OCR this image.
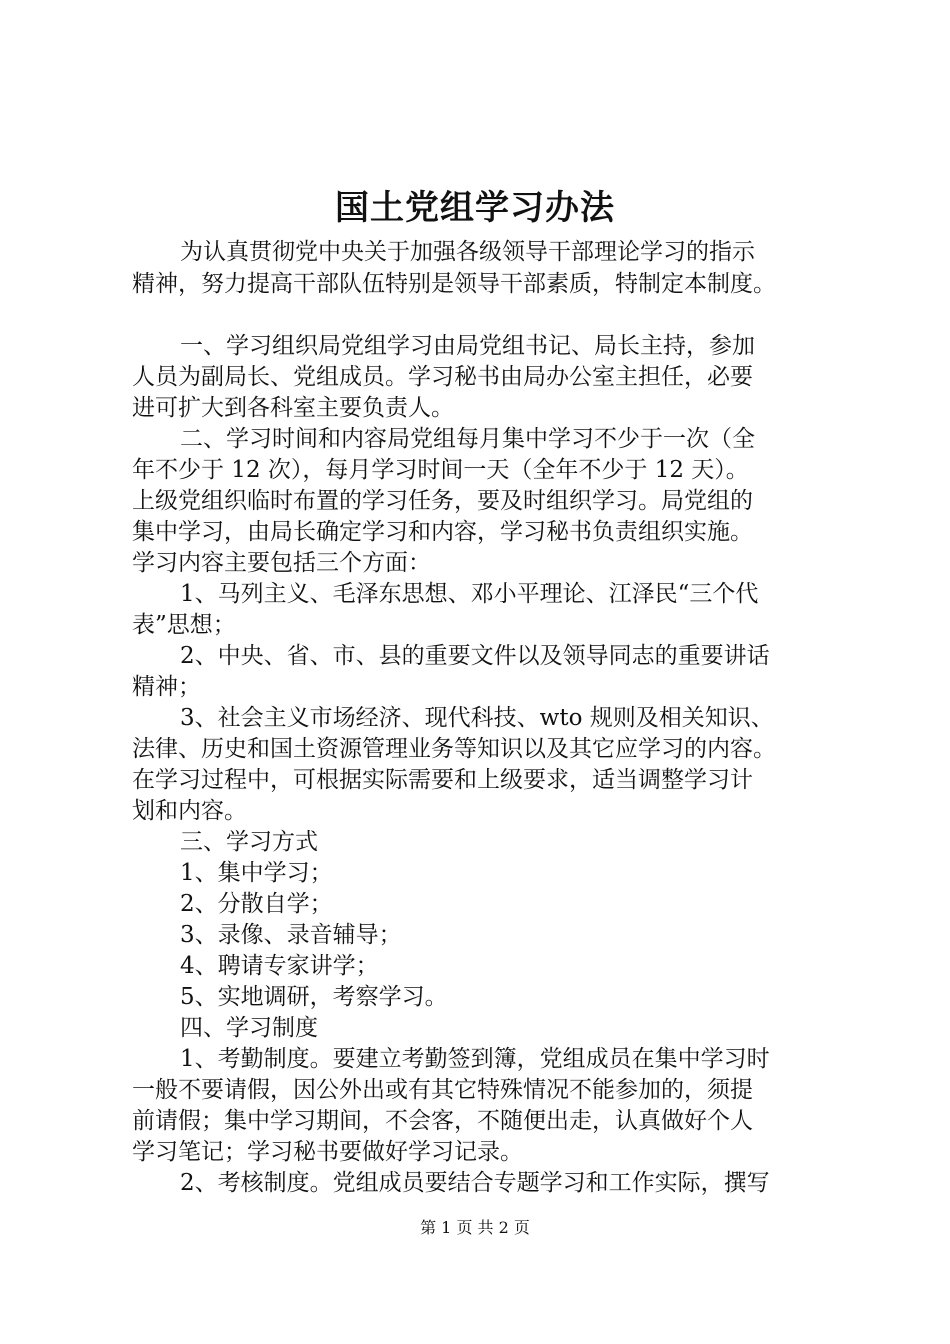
国土党组学习办法
为认真贯彻党中央关于加强各级领导干部理论学习的指示
精神，努力提高干部队伍特别是领导干部素质，特制定本制度。
一、学习组织局党组学习由局党组书记、局长主持，参加
人员为副局长、党组成员。学习秘书由局办公室主担任，必要
进可扩大到各科室主要负责人。
二、学习时间和内容局党组每月集中学习不少于一次（全
年不少于 12 次），每月学习时间一天（全年不少于 12 天）。
上级党组织临时布置的学习任务，要及时组织学习。局党组的
集中学习，由局长确定学习和内容，学习秘书负责组织实施。
学习内容主要包括三个方面：
1、马列主义、毛泽东思想、邓小平理论、江泽民“三个代
表”思想；
2、中央、省、市、县的重要文件以及领导同志的重要讲话
精神；
3、社会主义市场经济、现代科技、wto 规则及相关知识、
法律、历史和国土资源管理业务等知识以及其它应学习的内容。
在学习过程中，可根据实际需要和上级要求，适当调整学习计
划和内容。
三、学习方式
1、集中学习；
2、分散自学；
3、录像、录音辅导；
4、聘请专家讲学；
5、实地调研，考察学习。
四、学习制度
1、考勤制度。要建立考勤签到簿，党组成员在集中学习时
一般不要请假，因公外出或有其它特殊情况不能参加的，须提
前请假；集中学习期间，不会客，不随便出走，认真做好个人
学习笔记；学习秘书要做好学习记录。
2、考核制度。党组成员要结合专题学习和工作实际，撰写
第 1 页 共 2 页
